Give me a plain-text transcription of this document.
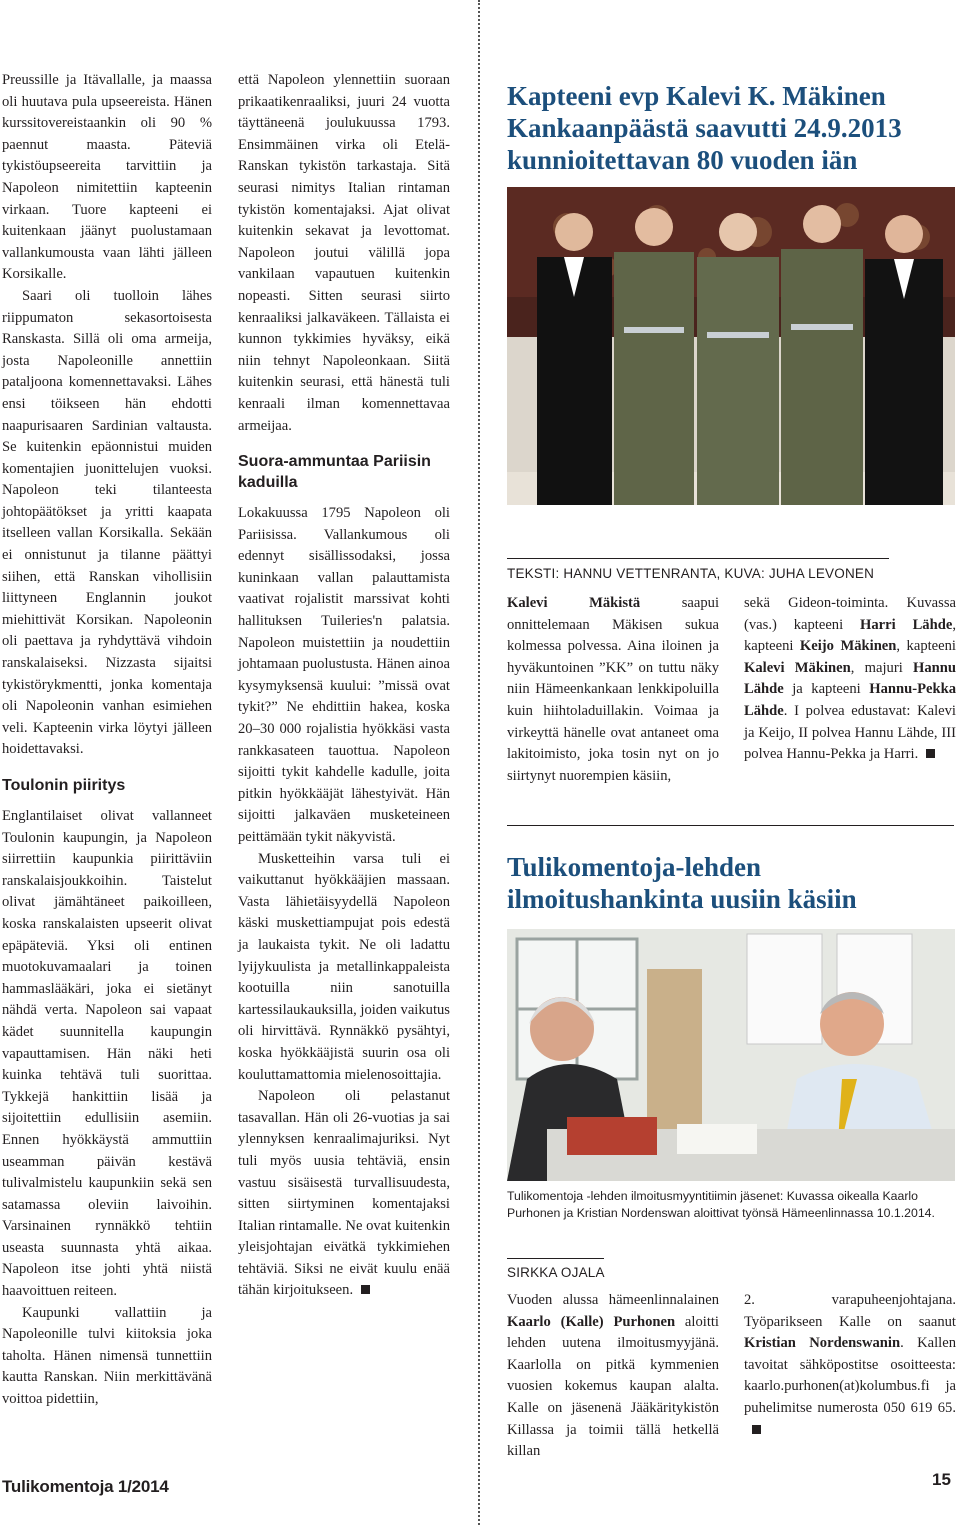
Preussille ja Itävallalle, ja maassa oli huutava pula upseereista. Hänen kurssitovereistaankin oli 90 % paennut maasta. Päteviä tykistöupseereita tarvittiin ja Napoleon nimitettiin kapteenin virkaan. Tuore kapteeni ei kuitenkaan jäänyt puolustamaan vallankumousta vaan lähti jälleen Korsikalle.

Saari oli tuolloin lähes riippumaton sekasortoisesta Ranskasta. Sillä oli oma armeija, josta Napoleonille annettiin pataljoona komennettavaksi. Lähes ensi töikseen hän ehdotti naapurisaaren Sardinian valtausta. Se kuitenkin epäonnistui muiden komentajien juonittelujen vuoksi. Napoleon teki tilanteesta johtopäätökset ja yritti kaapata itselleen vallan Korsikalla. Sekään ei onnistunut ja tilanne päättyi siihen, että Ranskan vihollisiin liittyneen Englannin joukot miehittivät Korsikan. Napoleonin oli paettava ja ryhdyttävä vihdoin ranskalaiseksi. Nizzasta sijaitsi tykistörykmentti, jonka komentaja oli Napoleonin vanhan esimiehen veli. Kapteenin virka löytyi jälleen hoidettavaksi.

Toulonin piiritys

Englantilaiset olivat vallanneet Toulonin kaupungin, ja Napoleon siirrettiin kaupunkia piirittäviin ranskalaisjoukkoihin. Taistelut olivat jämähtäneet paikoilleen, koska ranskalaisten upseerit olivat epäpäteviä. Yksi oli entinen muotokuvamaalari ja toinen hammaslääkäri, joka ei sietänyt nähdä verta. Napoleon sai vapaat kädet suunnitella kaupungin vapauttamisen. Hän näki heti kuinka tehtävä tuli suorittaa. Tykkejä hankittiin lisää ja sijoitettiin edullisiin asemiin. Ennen hyökkäystä ammuttiin useamman päivän kestävä tulivalmistelu kaupunkiin sekä sen satamassa oleviin laivoihin. Varsinainen rynnäkkö tehtiin useasta suunnasta yhtä aikaa. Napoleon itse johti yhtä niistä haavoittuen reiteen.

Kaupunki vallattiin ja Napoleonille tulvi kiitoksia joka taholta. Hänen nimensä tunnettiin kautta Ranskan. Niin merkittävänä voittoa pidettiin,

että Napoleon ylennettiin suoraan prikaatikenraaliksi, juuri 24 vuotta täyttäneenä joulukuussa 1793. Ensimmäinen virka oli Etelä-Ranskan tykistön tarkastaja. Sitä seurasi nimitys Italian rintaman tykistön komentajaksi. Ajat olivat kuitenkin sekavat ja levottomat. Napoleon joutui välillä jopa vankilaan vapautuen kuitenkin nopeasti. Sitten seurasi siirto kenraaliksi jalkaväkeen. Tällaista ei kunnon tykkimies hyväksy, eikä niin tehnyt Napoleonkaan. Siitä kuitenkin seurasi, että hänestä tuli kenraali ilman komennettavaa armeijaa.

Suora-ammuntaa Pariisin kaduilla

Lokakuussa 1795 Napoleon oli Pariisissa. Vallankumous oli edennyt sisällissodaksi, jossa kuninkaan vallan palauttamista vaativat rojalistit marssivat kohti hallituksen Tuileries'n palatsia. Napoleon muistettiin ja noudettiin johtamaan puolustusta. Hänen ainoa kysymyksensä kuului: ”missä ovat tykit?” Ne ehdittiin hakea, koska 20–30 000 rojalistia hyökkäsi vasta rankkasateen tauottua. Napoleon sijoitti tykit kahdelle kadulle, joita pitkin hyökkääjät lähestyivät. Hän sijoitti jalkaväen musketeineen peittämään tykit näkyvistä.

Musketteihin varsa tuli ei vaikuttanut hyökkääjien massaan. Vasta lähietäisyydellä Napoleon käski muskettiampujat pois edestä ja laukaista tykit. Ne oli ladattu lyijykuulista ja metallinkappaleista kootuilla niin sanotuilla kartessilaukauksilla, joiden vaikutus oli hirvittävä. Rynnäkkö pysähtyi, koska hyökkääjistä suurin osa oli kouluttamattomia mielenosoittajia.

Napoleon oli pelastanut tasavallan. Hän oli 26-vuotias ja sai ylennyksen kenraalimajuriksi. Nyt tuli myös uusia tehtäviä, ensin vastuu sisäisestä turvallisuudesta, sitten siirtyminen komentajaksi Italian rintamalle. Ne ovat kuitenkin yleisjohtajan eivätkä tykkimiehen tehtäviä. Siksi ne eivät kuulu enää tähän kirjoitukseen.

Kapteeni evp Kalevi K. Mäkinen Kankaanpäästä saavutti 24.9.2013 kunnioitettavan 80 vuoden iän
TEKSTI: HANNU VETTENRANTA, KUVA: JUHA LEVONEN

Kalevi Mäkistä saapui onnittelemaan Mäkisen sukua kolmessa polvessa. Aina iloinen ja hyväkuntoinen ”KK” on tuttu näky niin Hämeenkankaan lenkkipoluilla kuin hiihtoladuillakin. Voimaa ja virkeyttä hänelle ovat antaneet oma lakitoimisto, joka tosin nyt on jo siirtynyt nuorempien käsiin,

sekä Gideon-toiminta. Kuvassa (vas.) kapteeni Harri Lähde, kapteeni Keijo Mäkinen, kapteeni Kalevi Mäkinen, majuri Hannu Lähde ja kapteeni Hannu-Pekka Lähde. I polvea edustavat: Kalevi ja Keijo, II polvea Hannu Lähde, III polvea Hannu-Pekka ja Harri.

Tulikomentoja-lehden ilmoitushankinta uusiin käsiin
Tulikomentoja -lehden ilmoitusmyyntitiimin jäsenet: Kuvassa oikealla Kaarlo Purhonen ja Kristian Nordenswan aloittivat työnsä Hämeenlinnassa 10.1.2014.
SIRKKA OJALA

Vuoden alussa hämeenlinnalainen Kaarlo (Kalle) Purhonen aloitti lehden uutena ilmoitusmyyjänä. Kaarlolla on pitkä kymmenien vuosien kokemus kaupan alalta. Kalle on jäsenenä Jääkäritykistön Killassa ja toimii tällä hetkellä killan

2. varapuheenjohtajana. Työparikseen Kalle on saanut Kristian Nordenswanin. Kallen tavoitat sähköpostitse osoitteesta: kaarlo.purhonen(at)kolumbus.fi ja puhelimitse numerosta 050 619 65.

Tulikomentoja 1/2014	15
